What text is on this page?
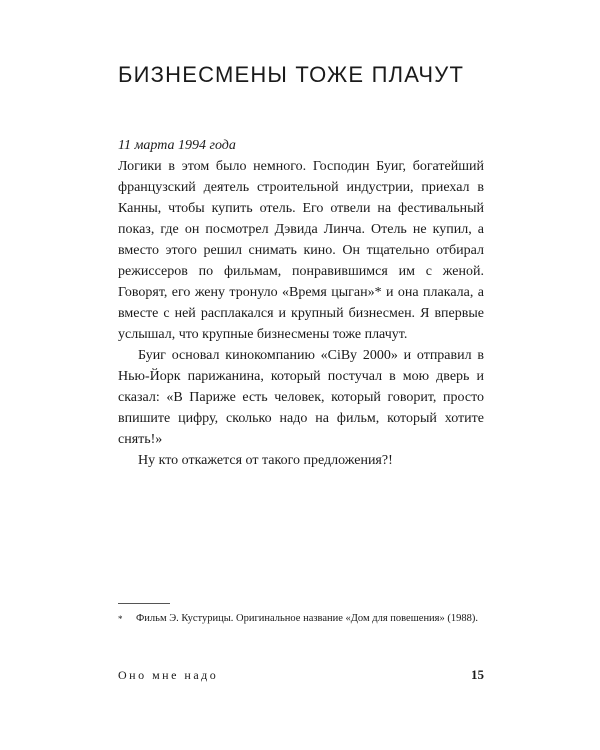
БИЗНЕСМЕНЫ ТОЖЕ ПЛАЧУТ

11 марта 1994 года

Логики в этом было немного. Господин Буиг, богатейший французский деятель строительной индустрии, приехал в Канны, чтобы купить отель. Его отвели на фестивальный показ, где он посмотрел Дэвида Линча. Отель не купил, а вместо этого решил снимать кино. Он тщательно отбирал режиссеров по фильмам, понравившимся им с женой. Говорят, его жену тронуло «Время цыган»* и она плакала, а вместе с ней расплакался и крупный бизнесмен. Я впервые услышал, что крупные бизнесмены тоже плачут.

Буиг основал кинокомпанию «СіВу 2000» и отправил в Нью-Йорк парижанина, который постучал в мою дверь и сказал: «В Париже есть человек, который говорит, просто впишите цифру, сколько надо на фильм, который хотите снять!»

Ну кто откажется от такого предложения?!

*	Фильм Э. Кустурицы. Оригинальное название «Дом для повешения» (1988).
Оно мне надо	15
